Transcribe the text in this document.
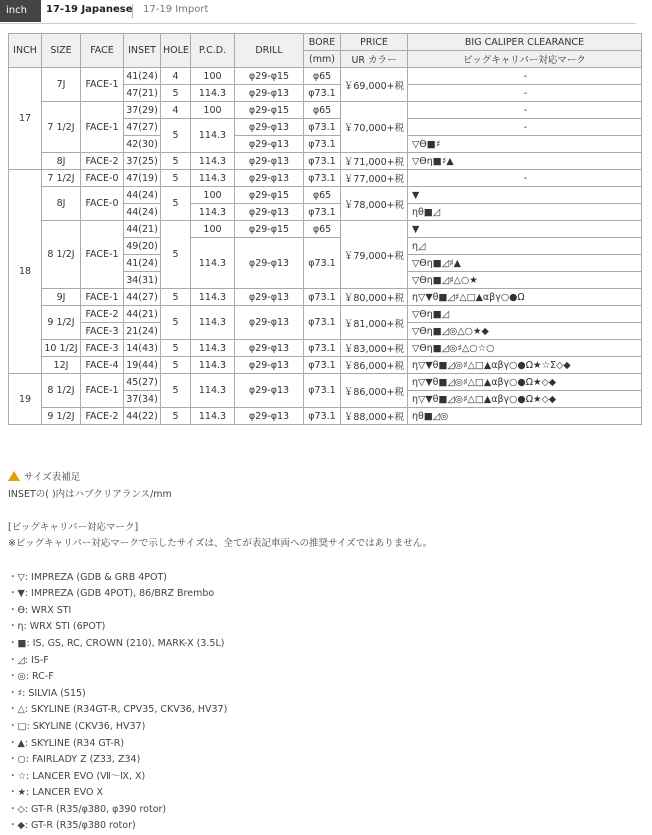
inch	17-19 Japanese 17-19 Import
INCH	SIZE	FACE	INSET	HOLE	P.C.D.	DRILL	BORE	PRICE	BIG CALIPER CLEARANCE
							(mm)	UR カラー	ビッグキャリパー対応マーク
17	7J	FACE-1	41(24)	4	100	φ29-φ15	φ65	￥69,000+税	-
			47(21)	5	114.3	φ29-φ13	φ73.1		-
	7 1/2J	FACE-1	37(29)	4	100	φ29-φ15	φ65	￥70,000+税	-
			47(27)	5	114.3	φ29-φ13	φ73.1		-
			42(30)			φ29-φ13	φ73.1		▽ϴ■♯
	8J	FACE-2	37(25)	5	114.3	φ29-φ13	φ73.1	￥71,000+税	▽ϴη■♯▲
18	7 1/2J	FACE-0	47(19)	5	114.3	φ29-φ13	φ73.1	￥77,000+税	-
	8J	FACE-0	44(24)	5	100	φ29-φ15	φ65	￥78,000+税	▼
			44(24)		114.3	φ29-φ13	φ73.1		ηθ■◿
	8 1/2J	FACE-1	44(21)	5	100	φ29-φ15	φ65	￥79,000+税	▼
			49(20)		114.3	φ29-φ13	φ73.1		η◿
			41(24)						▽ϴη■◿♯▲
			34(31)						▽ϴη■◿♯△○★
	9J	FACE-1	44(27)	5	114.3	φ29-φ13	φ73.1	￥80,000+税	η▽▼θ■◿♯△□▲αβγ○●Ω
	9 1/2J	FACE-2	44(21)	5	114.3	φ29-φ13	φ73.1	￥81,000+税	▽ϴη■◿
		FACE-3	21(24)						▽ϴη■◿◎△○★◆
	10 1/2J	FACE-3	14(43)	5	114.3	φ29-φ13	φ73.1	￥83,000+税	▽ϴη■◿◎♯△○☆○
	12J	FACE-4	19(44)	5	114.3	φ29-φ13	φ73.1	￥86,000+税	η▽▼θ■◿◎♯△□▲αβγ○●Ω★☆Σ◇◆
19	8 1/2J	FACE-1	45(27)	5	114.3	φ29-φ13	φ73.1	￥86,000+税	η▽▼θ■◿◎♯△□▲αβγ○●Ω★◇◆
			37(34)						η▽▼θ■◿◎♯△□▲αβγ○●Ω★◇◆
	9 1/2J	FACE-2	44(22)	5	114.3	φ29-φ13	φ73.1	￥88,000+税	ηθ■◿◎
サイズ表補足
INSETの( )内はハブクリアランス/mm
[ビッグキャリパー対応マーク]
※ビッグキャリパー対応マークで示したサイズは、全てが表記車両への推奨サイズではありません。
・▽: IMPREZA (GDB & GRB 4POT)
・▼: IMPREZA (GDB 4POT), 86/BRZ Brembo
・ϴ: WRX STI
・η: WRX STI (6POT)
・■: IS, GS, RC, CROWN (210), MARK-X (3.5L)
・◿: IS-F
・◎: RC-F
・♯: SILVIA (S15)
・△: SKYLINE (R34GT-R, CPV35, CKV36, HV37)
・□: SKYLINE (CKV36, HV37)
・▲: SKYLINE (R34 GT-R)
・○: FAIRLADY Z (Z33, Z34)
・☆: LANCER EVO (Ⅶ～Ⅸ, Ⅹ)
・★: LANCER EVO X
・◇: GT-R (R35/φ380, φ390 rotor)
・◆: GT-R (R35/φ380 rotor)
